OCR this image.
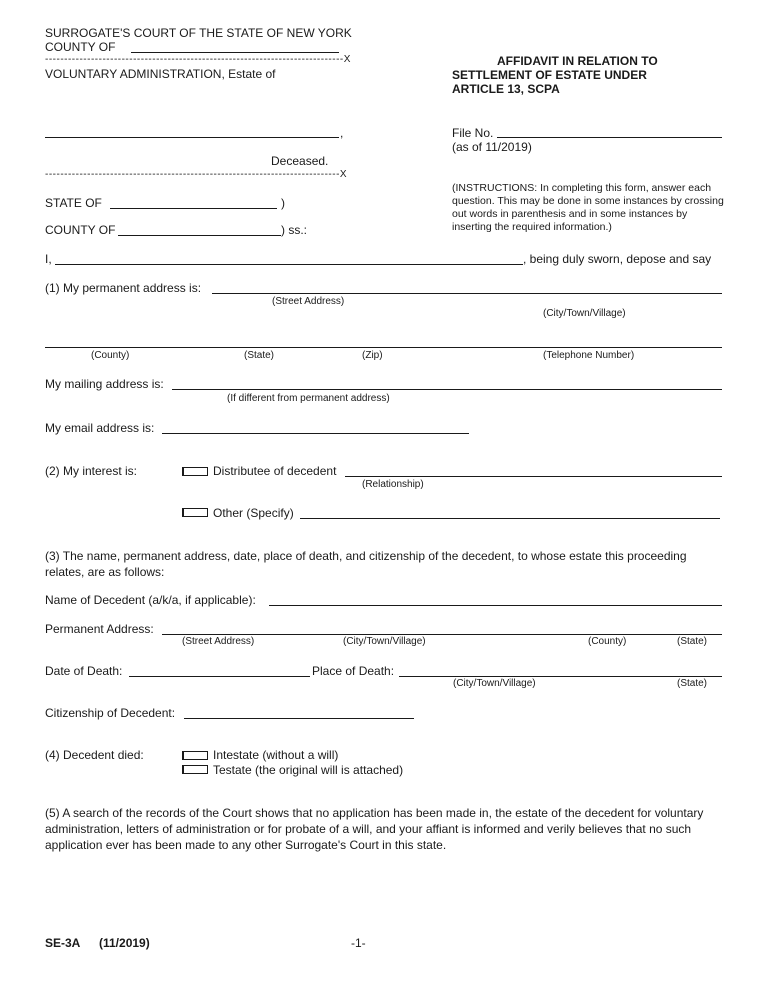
SURROGATE'S COURT OF THE STATE OF NEW YORK
COUNTY OF
------------------------------------------------------------------------------X
VOLUNTARY ADMINISTRATION, Estate of
,
Deceased.
-----------------------------------------------------------------------------X
AFFIDAVIT IN RELATION TO
SETTLEMENT OF ESTATE UNDER
ARTICLE 13, SCPA
File No.
(as of 11/2019)
STATE OF	)
COUNTY OF	) ss.:
(INSTRUCTIONS: In completing this form, answer each question. This may be done in some instances by crossing out words in parenthesis and in some instances by inserting the required information.)
I,	, being duly sworn, depose and say
(1) My permanent address is:
(Street Address)
(City/Town/Village)
(County)	(State)	(Zip)	(Telephone Number)
My mailing address is:
(If different from permanent address)
My email address is:
(2) My interest is:	Distributee of decedent
(Relationship)
Other (Specify)
(3) The name, permanent address, date, place of death, and citizenship of the decedent, to whose estate this proceeding relates, are as follows:
Name of Decedent (a/k/a, if applicable):
Permanent Address:
(Street Address)	(City/Town/Village)	(County)	(State)
Date of Death:	Place of Death:
(City/Town/Village)	(State)
Citizenship of Decedent:
(4) Decedent died:	Intestate (without a will)
Testate (the original will is attached)
(5) A search of the records of the Court shows that no application has been made in, the estate of the decedent for voluntary administration, letters of administration or for probate of a will, and your affiant is informed and verily believes that no such application ever has been made to any other Surrogate's Court in this state.
SE-3A (11/2019)	-1-
